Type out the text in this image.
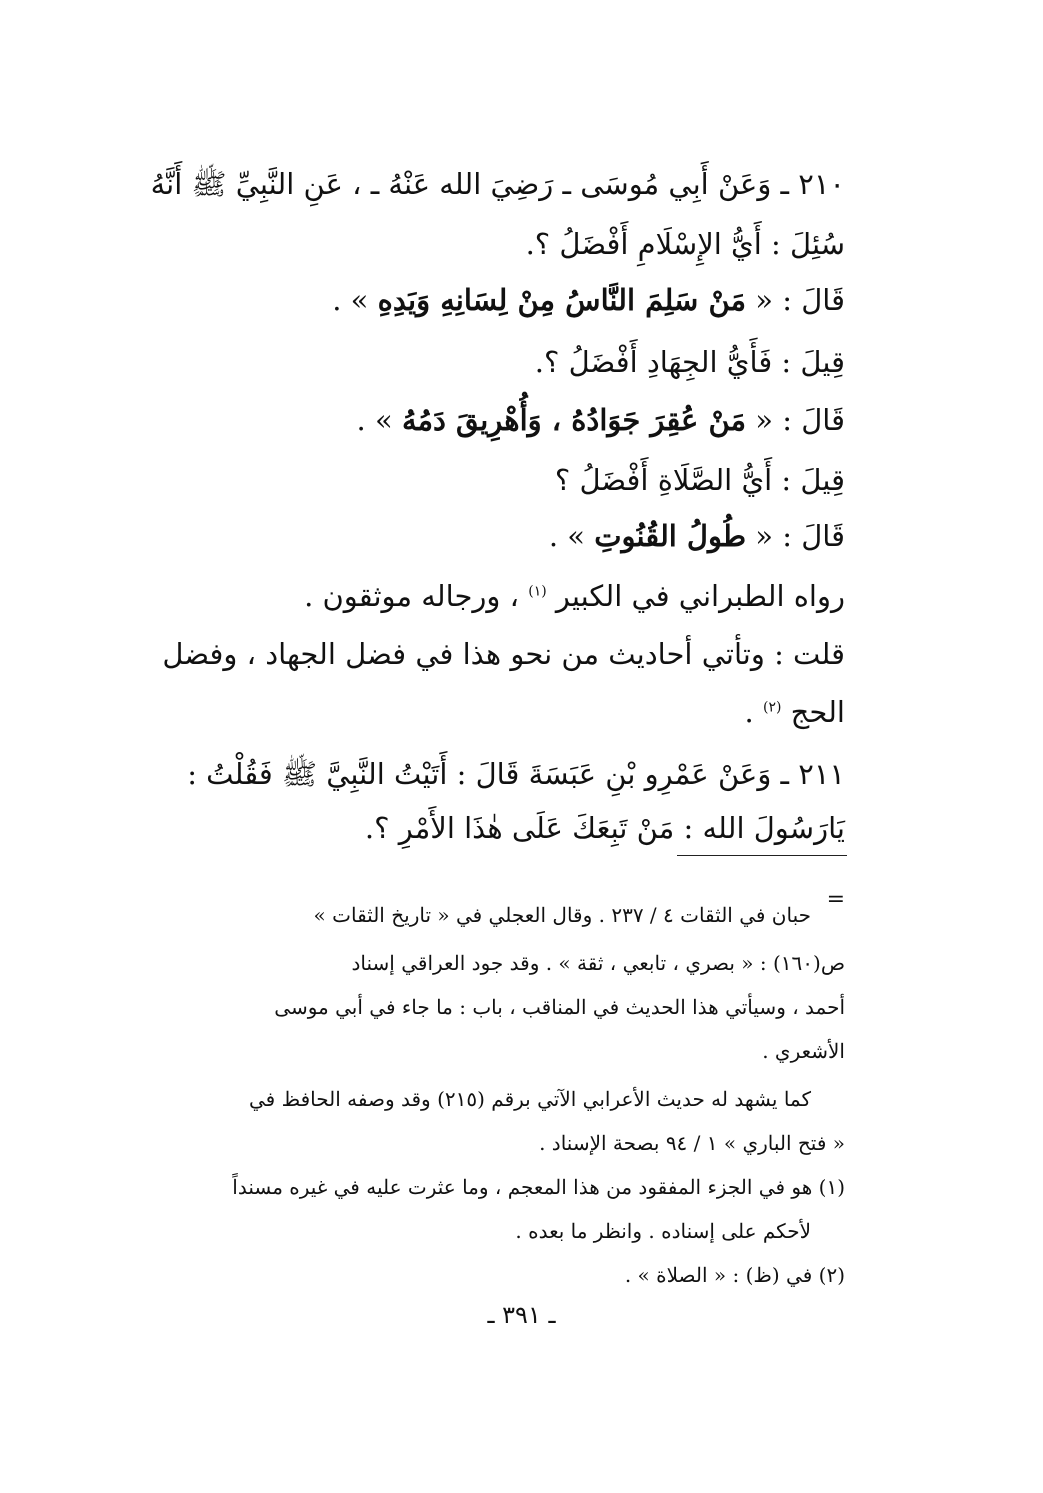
٢١٠ ـ وَعَنْ أَبِي مُوسَى ـ رَضِيَ الله عَنْهُ ـ ، عَنِ النَّبِيِّ ﷺ أَنَّهُ

سُئِلَ : أَيُّ الإِسْلَامِ أَفْضَلُ ؟.

قَالَ : « مَنْ سَلِمَ النَّاسُ مِنْ لِسَانِهِ وَيَدِهِ » .

قِيلَ : فَأَيُّ الجِهَادِ أَفْضَلُ ؟.

قَالَ : « مَنْ عُقِرَ جَوَادُهُ ، وَأُهْرِيقَ دَمُهُ » .

قِيلَ : أَيُّ الصَّلَاةِ أَفْضَلُ ؟

قَالَ : « طُولُ القُنُوتِ » .

رواه الطبراني في الكبير $^{(١)}$ ، ورجاله موثقون .

قلت : وتأتي أحاديث من نحو هذا في فضل الجهاد ، وفضل

الحج $^{(٢)}$ .

٢١١ ـ وَعَنْ عَمْرِو بْنِ عَبَسَةَ قَالَ : أَتَيْتُ النَّبِيَّ ﷺ فَقُلْتُ :

يَارَسُولَ الله : مَنْ تَبِعَكَ عَلَى هٰذَا الأَمْرِ ؟.

=

حبان في الثقات ٤ / ٢٣٧ . وقال العجلي في « تاريخ الثقات »

ص(١٦٠) : « بصري ، تابعي ، ثقة » . وقد جود العراقي إسناد

أحمد ، وسيأتي هذا الحديث في المناقب ، باب : ما جاء في أبي موسى

الأشعري .

كما يشهد له حديث الأعرابي الآتي برقم (٢١٥) وقد وصفه الحافظ في

« فتح الباري » ١ / ٩٤ بصحة الإسناد .

(١) هو في الجزء المفقود من هذا المعجم ، وما عثرت عليه في غيره مسنداً

لأحكم على إسناده . وانظر ما بعده .

(٢) في (ظ) : « الصلاة » .

ـ ٣٩١ ـ
